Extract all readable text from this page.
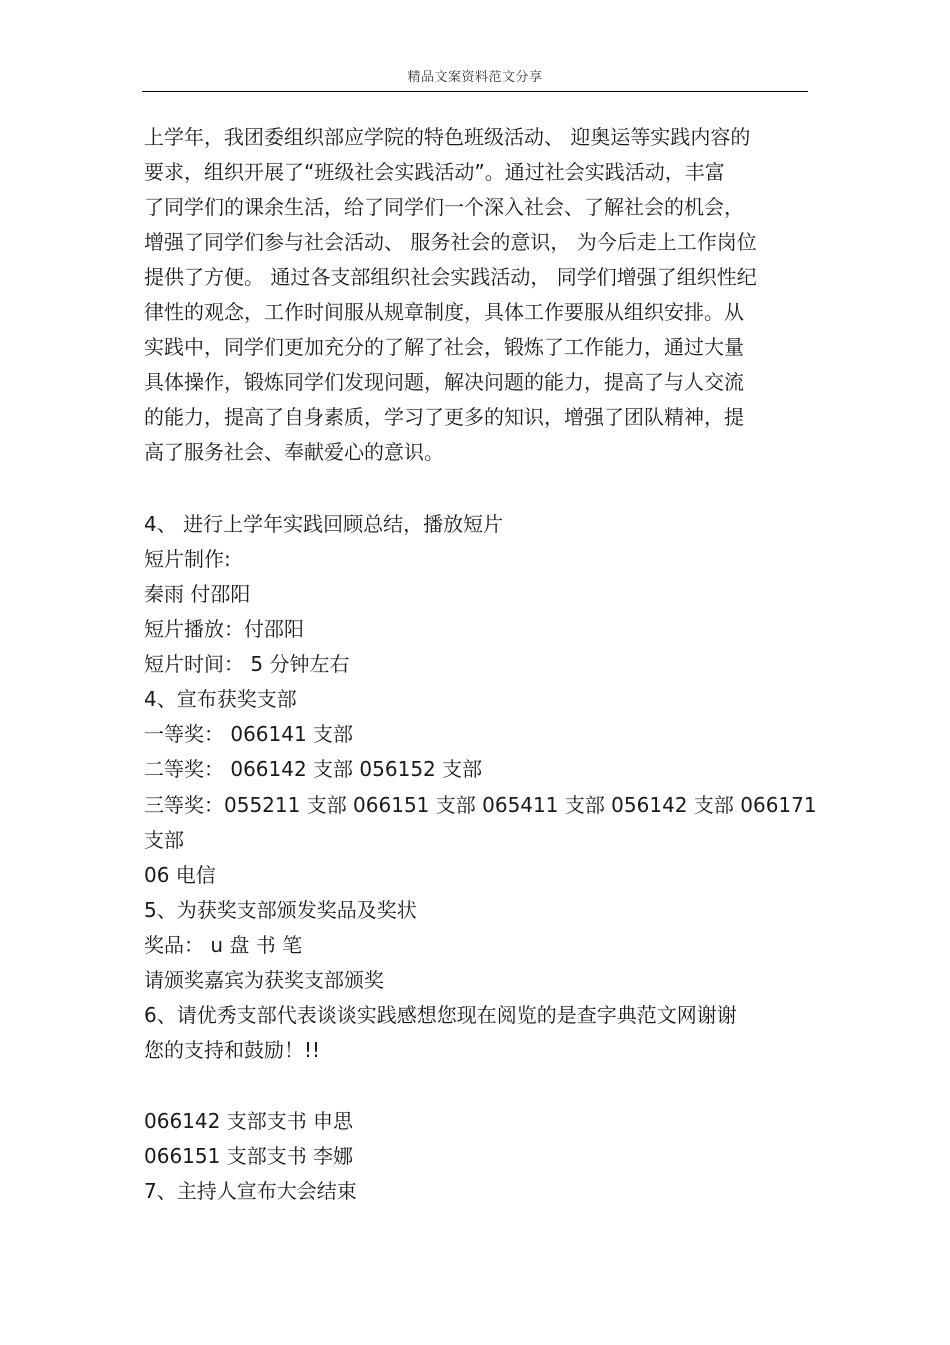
精品文案资料范文分享
上学年，我团委组织部应学院的特色班级活动、 迎奥运等实践内容的
要求，组织开展了“班级社会实践活动”。通过社会实践活动，丰富
了同学们的课余生活，给了同学们一个深入社会、了解社会的机会，
增强了同学们参与社会活动、 服务社会的意识， 为今后走上工作岗位
提供了方便。 通过各支部组织社会实践活动， 同学们增强了组织性纪
律性的观念，工作时间服从规章制度，具体工作要服从组织安排。从
实践中，同学们更加充分的了解了社会，锻炼了工作能力，通过大量
具体操作，锻炼同学们发现问题，解决问题的能力，提高了与人交流
的能力，提高了自身素质，学习了更多的知识，增强了团队精神，提
高了服务社会、奉献爱心的意识。
4、 进行上学年实践回顾总结，播放短片
短片制作:
秦雨 付邵阳
短片播放：付邵阳
短片时间： 5 分钟左右
4、宣布获奖支部
一等奖： 066141 支部
二等奖： 066142 支部 056152 支部
三等奖：055211 支部 066151 支部 065411 支部 056142 支部 066171
支部
06 电信
5、为获奖支部颁发奖品及奖状
奖品： u 盘 书 笔
请颁奖嘉宾为获奖支部颁奖
6、请优秀支部代表谈谈实践感想您现在阅览的是查字典范文网谢谢
您的支持和鼓励！!!
066142 支部支书 申思
066151 支部支书 李娜
7、主持人宣布大会结束
